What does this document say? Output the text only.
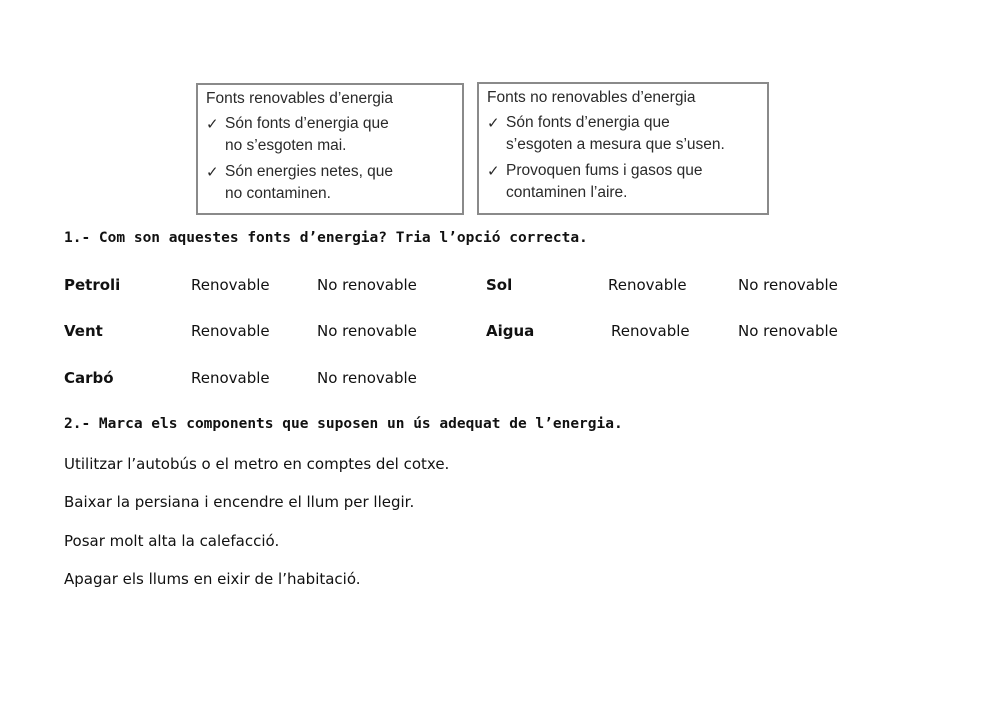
Fonts renovables d’energia
✓ Són fonts d’energia que
no s’esgoten mai.
✓ Són energies netes, que
no contaminen.
Fonts no renovables d’energia
✓ Són fonts d’energia que
s’esgoten a mesura que s’usen.
✓ Provoquen fums i gasos que
contaminen l’aire.
1.- Com son aquestes fonts d’energia? Tria l’opció correcta.
Petroli	Renovable	No renovable	Sol	Renovable	No renovable
Vent	Renovable	No renovable	Aigua	Renovable	No renovable
Carbó	Renovable	No renovable
2.- Marca els components que suposen un ús adequat de l’energia.
Utilitzar l’autobús o el metro en comptes del cotxe.
Baixar la persiana i encendre el llum per llegir.
Posar molt alta la calefacció.
Apagar els llums en eixir de l’habitació.
